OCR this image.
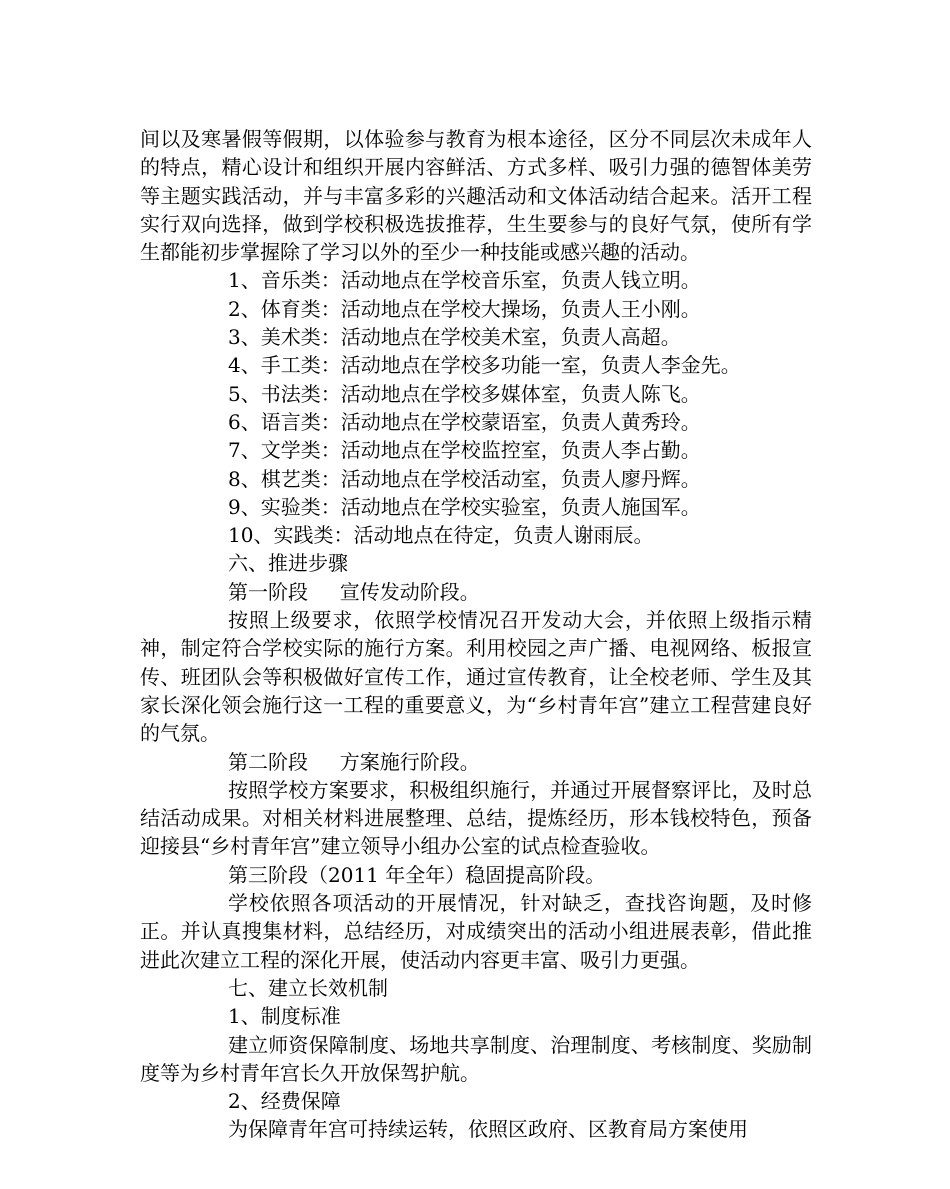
间以及寒暑假等假期，以体验参与教育为根本途径，区分不同层次未成年人的特点，精心设计和组织开展内容鲜活、方式多样、吸引力强的德智体美劳等主题实践活动，并与丰富多彩的兴趣活动和文体活动结合起来。活开工程实行双向选择，做到学校积极选拔推荐，生生要参与的良好气氛，使所有学生都能初步掌握除了学习以外的至少一种技能或感兴趣的活动。

1、音乐类：活动地点在学校音乐室，负责人钱立明。

2、体育类：活动地点在学校大操场，负责人王小刚。

3、美术类：活动地点在学校美术室，负责人高超。

4、手工类：活动地点在学校多功能一室，负责人李金先。

5、书法类：活动地点在学校多媒体室，负责人陈飞。

6、语言类：活动地点在学校蒙语室，负责人黄秀玲。

7、文学类：活动地点在学校监控室，负责人李占勤。

8、棋艺类：活动地点在学校活动室，负责人廖丹辉。

9、实验类：活动地点在学校实验室，负责人施国军。

10、实践类：活动地点在待定，负责人谢雨辰。

六、推进步骤

第一阶段     宣传发动阶段。

按照上级要求，依照学校情况召开发动大会，并依照上级指示精神，制定符合学校实际的施行方案。利用校园之声广播、电视网络、板报宣传、班团队会等积极做好宣传工作，通过宣传教育，让全校老师、学生及其家长深化领会施行这一工程的重要意义，为“乡村青年宫”建立工程营建良好的气氛。

第二阶段     方案施行阶段。

按照学校方案要求，积极组织施行，并通过开展督察评比，及时总结活动成果。对相关材料进展整理、总结，提炼经历，形本钱校特色，预备迎接县“乡村青年宫”建立领导小组办公室的试点检查验收。

第三阶段（2011 年全年）稳固提高阶段。

学校依照各项活动的开展情况，针对缺乏，查找咨询题，及时修正。并认真搜集材料，总结经历，对成绩突出的活动小组进展表彰，借此推进此次建立工程的深化开展，使活动内容更丰富、吸引力更强。

七、建立长效机制

1、制度标准

建立师资保障制度、场地共享制度、治理制度、考核制度、奖励制度等为乡村青年宫长久开放保驾护航。

2、经费保障

为保障青年宫可持续运转，依照区政府、区教育局方案使用
